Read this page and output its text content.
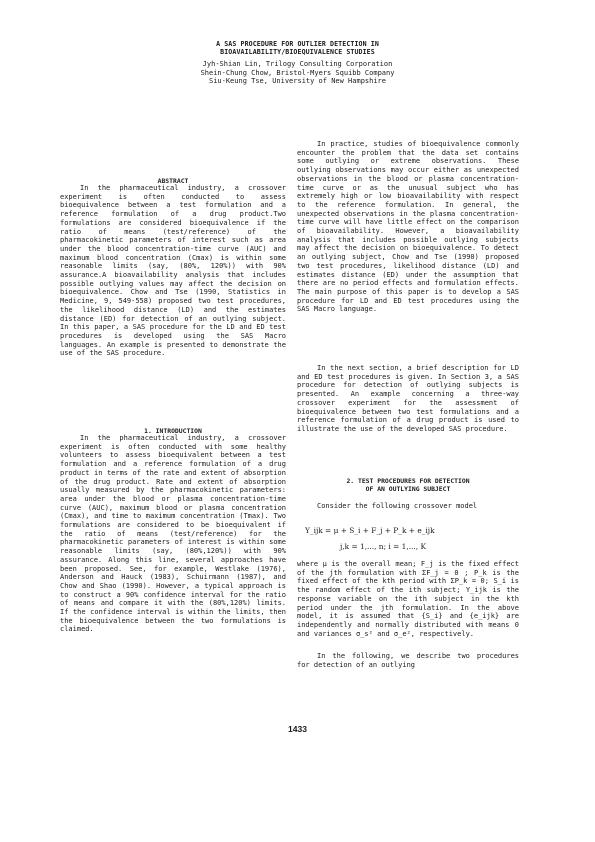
A SAS PROCEDURE FOR OUTLIER DETECTION IN
BIOAVAILABILITY/BIOEQUIVALENCE STUDIES
Jyh-Shian Lin, Trilogy Consulting Corporation
Shein-Chung Chow, Bristol-Myers Squibb Company
Siu-Keung Tse, University of New Hampshire
ABSTRACT

In the pharmaceutical industry, a crossover experiment is often conducted to assess bioequivalence between a test formulation and a reference formulation of a drug product.Two formulations are considered bioequivalence if the ratio of means (test/reference) of the pharmacokinetic parameters of interest such as area under the blood concentration-time curve (AUC) and maximum blood concentration (Cmax) is within some reasonable limits (say, (80%, 120%)) with 90% assurance.A bioavailability analysis that includes possible outlying values may affect the decision on bioequivalence. Chow and Tse (1990, Statistics in Medicine, 9, 549-558) proposed two test procedures, the likelihood distance (LD) and the estimates distance (ED) for detection of an outlying subject. In this paper, a SAS procedure for the LD and ED test procedures is developed using the SAS Macro languages. An example is presented to demonstrate the use of the SAS procedure.

1. INTRODUCTION

In the pharmaceutical industry, a crossover experiment is often conducted with some healthy volunteers to assess bioequivalent between a test formulation and a reference formulation of a drug product in terms of the rate and extent of absorption of the drug product. Rate and extent of absorption usually measured by the pharmacokinetic parameters: area under the blood or plasma concentration-time curve (AUC), maximum blood or plasma concentration (Cmax), and time to maximum concentration (Tmax). Two formulations are considered to be bioequivalent if the ratio of means (test/reference) for the pharmacokinetic parameters of interest is within some reasonable limits (say, (80%,120%)) with 90% assurance. Along this line, several approaches have been proposed. See, for example, Westlake (1976), Anderson and Hauck (1983), Schuirmann (1987), and Chow and Shao (1990). However, a typical approach is to construct a 90% confidence interval for the ratio of means and compare it with the (80%,120%) limits. If the confidence interval is within the limits, then the bioequivalence between the two formulations is claimed.

In practice, studies of bioequivalence commonly encounter the problem that the data set contains some outlying or extreme observations. These outlying observations may occur either as unexpected observations in the blood or plasma concentration-time curve or as the unusual subject who has extremely high or low bioavailability with respect to the reference formulation. In general, the unexpected observations in the plasma concentration-time curve will have little effect on the comparison of bioavailability. However, a bioavailability analysis that includes possible outlying subjects may affect the decision on bioequivalence. To detect an outlying subject, Chow and Tse (1990) proposed two test procedures, likelihood distance (LD) and estimates distance (ED) under the assumption that there are no period effects and formulation effects. The main purpose of this paper is to develop a SAS procedure for LD and ED test procedures using the SAS Macro language.

In the next section, a brief description for LD and ED test procedures is given. In Section 3, a SAS procedure for detection of outlying subjects is presented. An example concerning a three-way crossover experiment for the assessment of bioequivalence between two test formulations and a reference formulation of a drug product is used to illustrate the use of the developed SAS procedure.

2. TEST PROCEDURES FOR DETECTION
OF AN OUTLYING SUBJECT

Consider the following crossover model

Y_ijk = μ + S_i + F_j + P_k + e_ijk
j,k = 1,..., n; i = 1,..., K

where μ is the overall mean; F_j is the fixed effect of the jth formulation with ΣF_j = 0 ; P_k is the fixed effect of the kth period with ΣP_k = 0; S_i is the random effect of the ith subject; Y_ijk is the response variable on the ith subject in the kth period under the jth formulation. In the above model, it is assumed that {S_i} and {e_ijk} are independently and normally distributed with means 0 and variances σ_s² and σ_e², respectively.

In the following, we describe two procedures for detection of an outlying

1433
